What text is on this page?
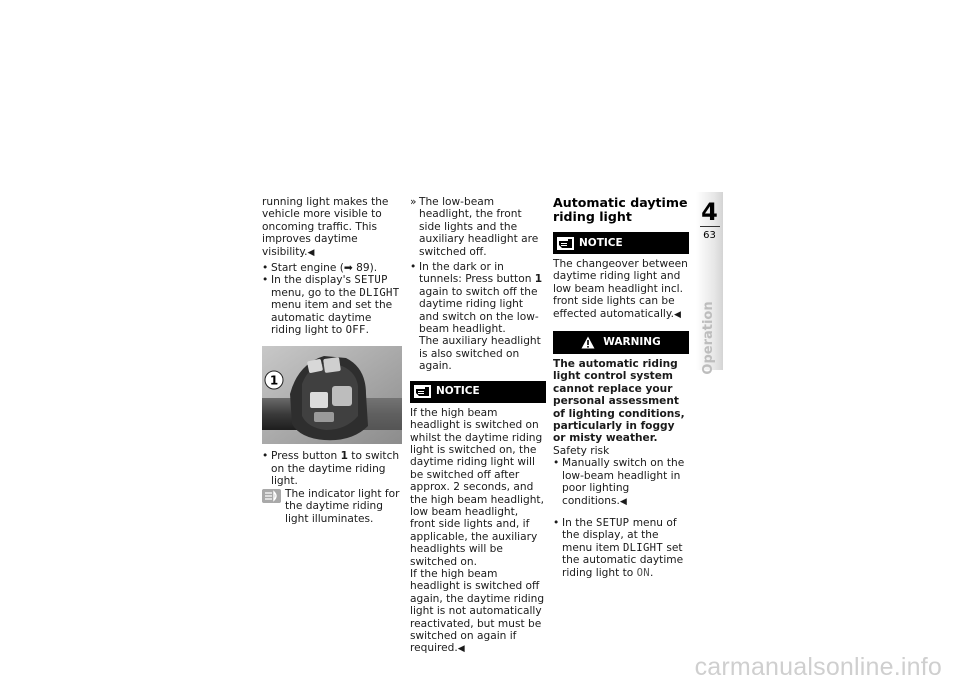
running light makes the vehicle more visible to oncoming traffic. This improves daytime visibility.◀

• Start engine (➡ 89).

• In the display's SETUP menu, go to the DLIGHT menu item and set the automatic daytime riding light to OFF.

1

• Press button 1 to switch on the daytime riding light.

The indicator light for the daytime riding light illuminates.

» The low-beam headlight, the front side lights and the auxiliary headlight are switched off.

• In the dark or in tunnels: Press button 1 again to switch off the daytime riding light and switch on the low-beam headlight.

The auxiliary headlight is also switched on again.

NOTICE

If the high beam headlight is switched on whilst the daytime riding light is switched on, the daytime riding light will be switched off after approx. 2 seconds, and the high beam headlight, low beam headlight, front side lights and, if applicable, the auxiliary headlights will be switched on.

If the high beam headlight is switched off again, the daytime riding light is not automatically reactivated, but must be switched on again if required.◀

Automatic daytime riding light
NOTICE

The changeover between daytime riding light and low beam headlight incl. front side lights can be effected automatically.◀

WARNING

The automatic riding light control system cannot replace your personal assessment of lighting conditions, particularly in foggy or misty weather.

Safety risk

• Manually switch on the low-beam headlight in poor lighting conditions.◀

• In the SETUP menu of the display, at the menu item DLIGHT set the automatic daytime riding light to ON.

4
63
Operation
carmanualsonline.info
